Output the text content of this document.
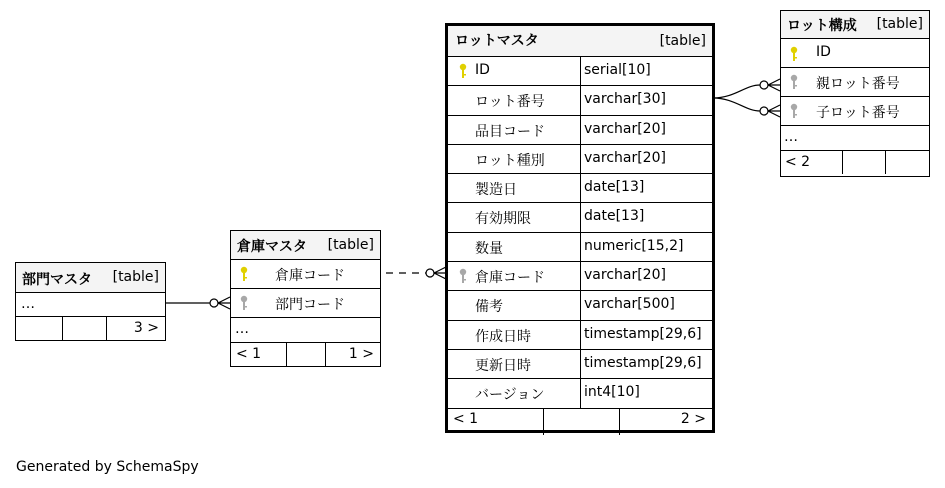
部門マスタ [table]
…
3 >
倉庫マスタ [table]
倉庫コード
部門コード
…
< 1	1 >
ロットマスタ	[table]
ID	serial[10]
ロット番号	varchar[30]
品目コード	varchar[20]
ロット種別	varchar[20]
製造日	date[13]
有効期限	date[13]
数量	numeric[15,2]
倉庫コード	varchar[20]
備考	varchar[500]
作成日時	timestamp[29,6]
更新日時	timestamp[29,6]
バージョン	int4[10]
< 1	2 >
ロット構成 [table]
ID
親ロット番号
子ロット番号
…
< 2
Generated by SchemaSpy
